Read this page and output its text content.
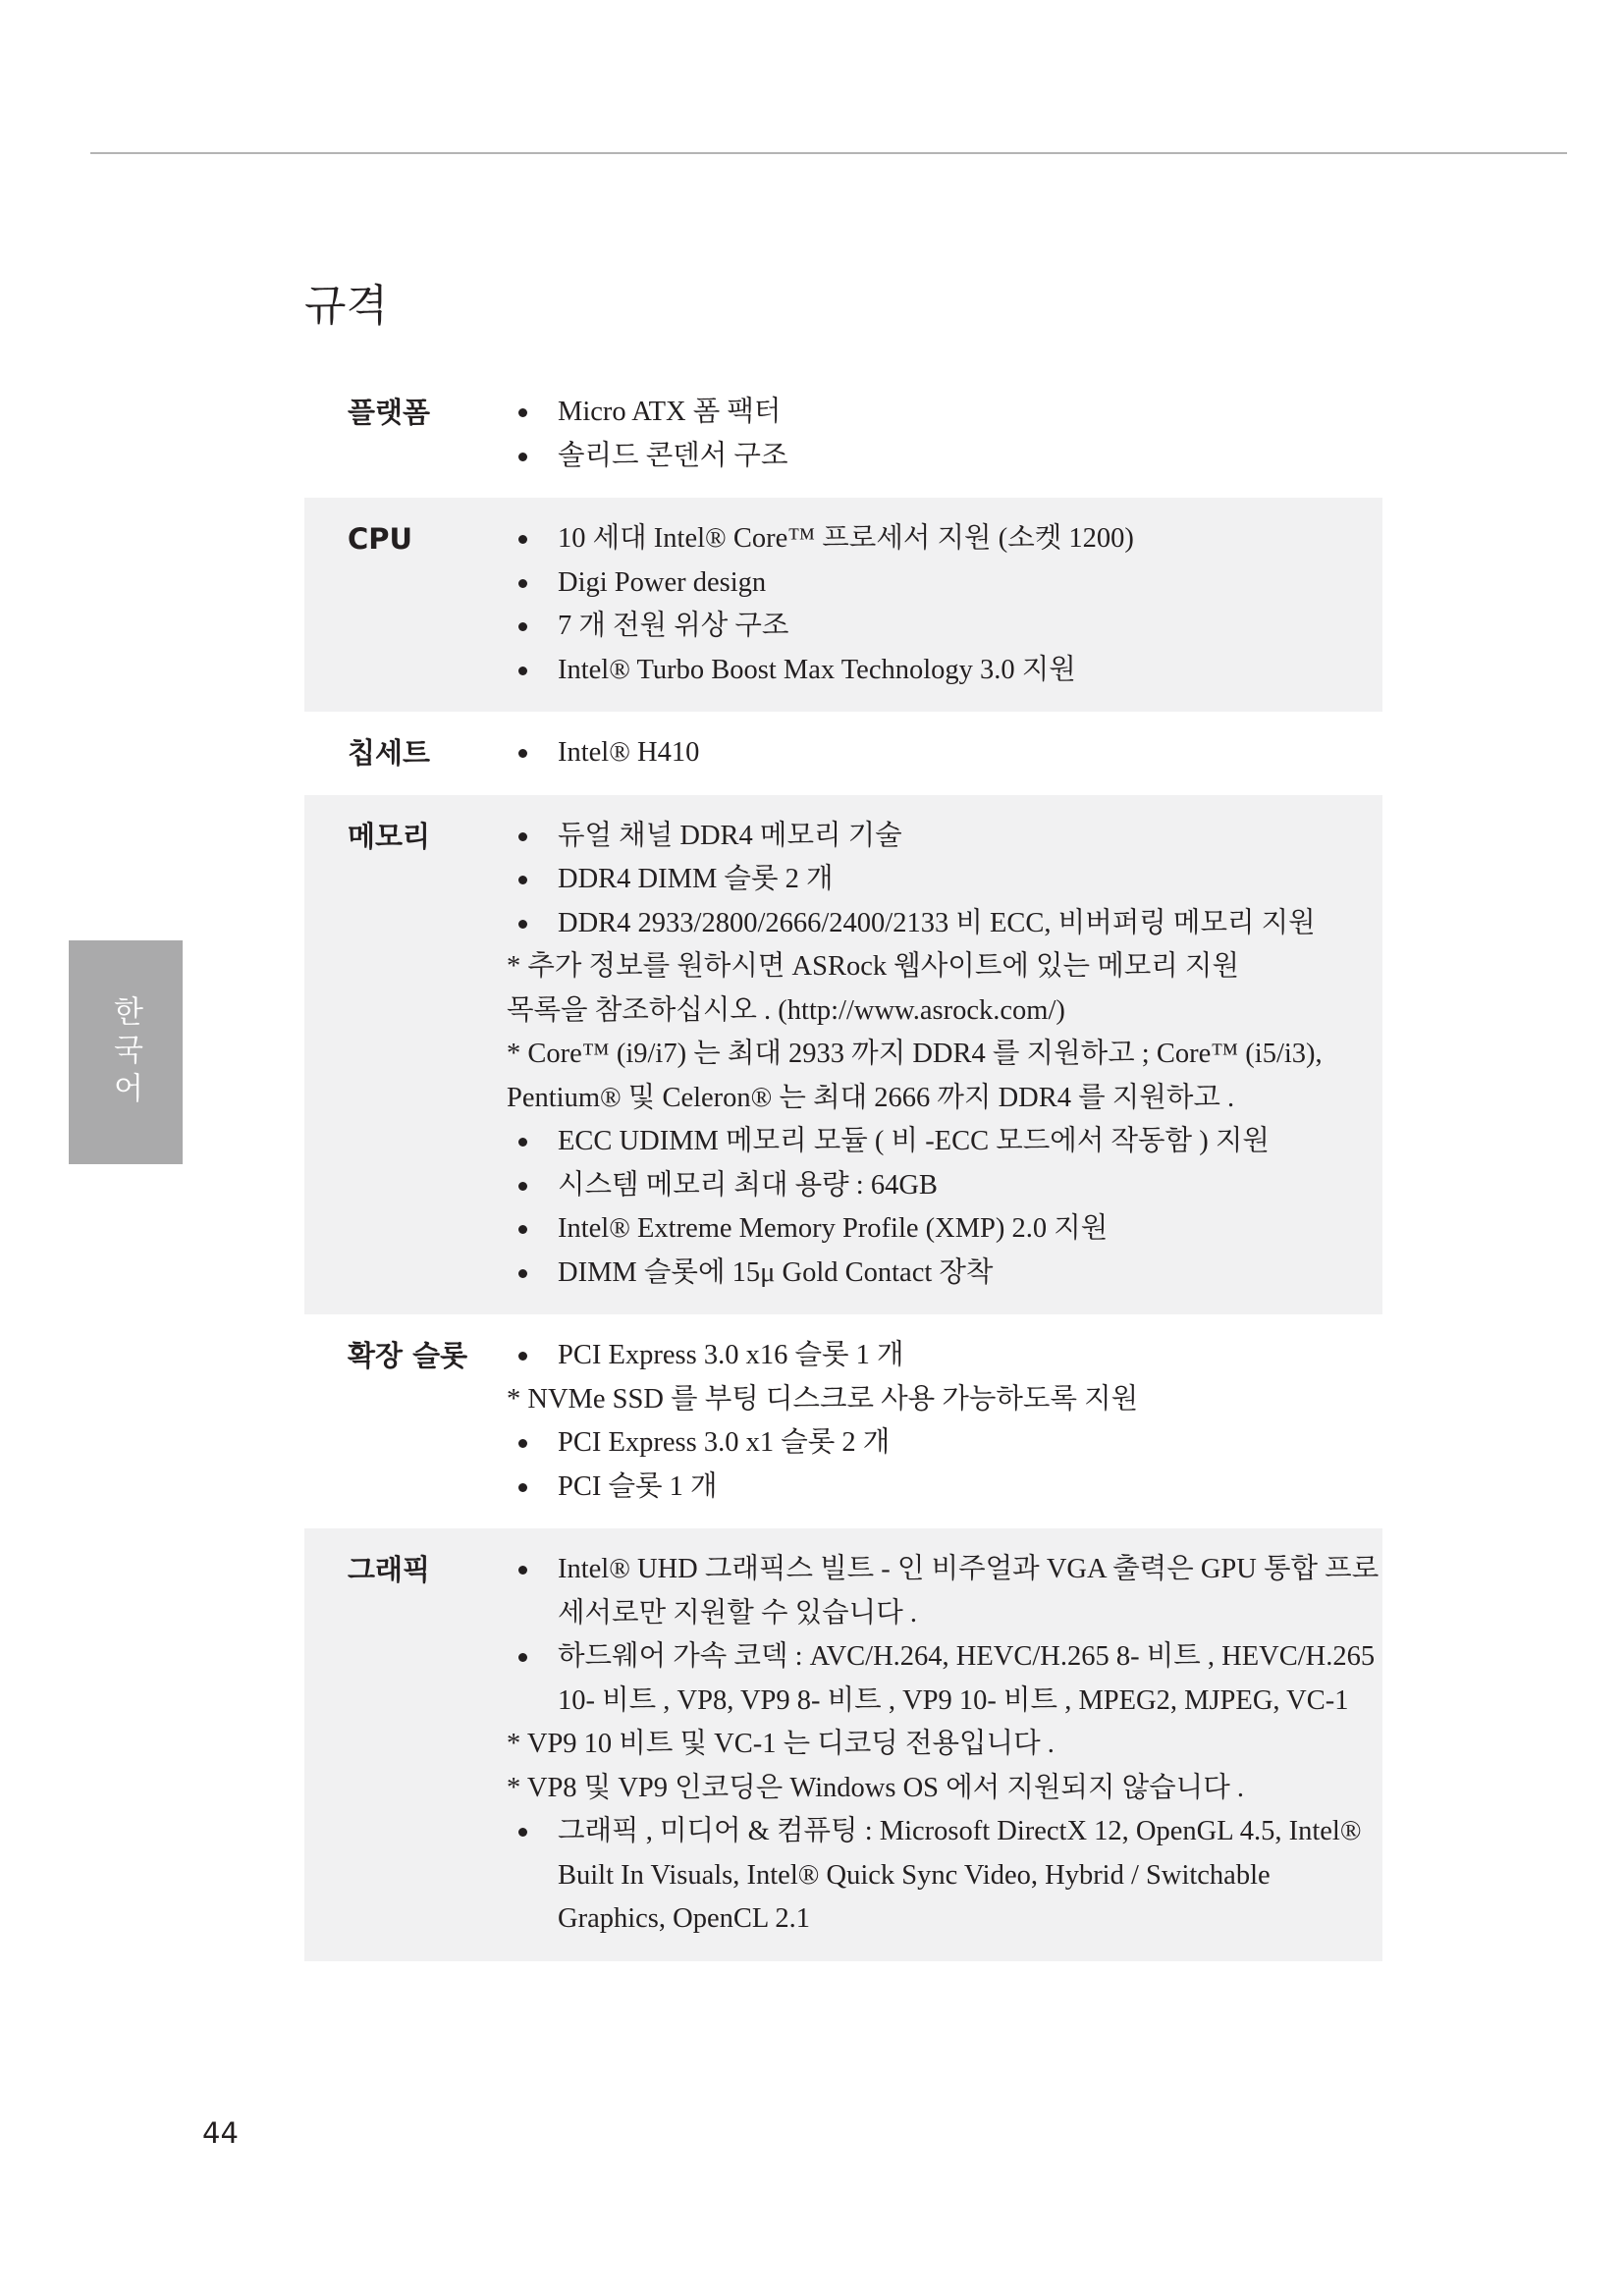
규격
한국어
플랫폼	Micro ATX 폼 팩터
솔리드 콘덴서 구조
CPU	10 세대 Intel® Core™ 프로세서 지원 (소켓 1200)
Digi Power design
7 개 전원 위상 구조
Intel® Turbo Boost Max Technology 3.0 지원
칩세트	Intel® H410
메모리	듀얼 채널 DDR4 메모리 기술
DDR4 DIMM 슬롯 2 개
DDR4 2933/2800/2666/2400/2133 비 ECC, 비버퍼링 메모리 지원
* 추가 정보를 원하시면 ASRock 웹사이트에 있는 메모리 지원
목록을 참조하십시오 . (http://www.asrock.com/)
* Core™ (i9/i7) 는 최대 2933 까지 DDR4 를 지원하고 ; Core™ (i5/i3),
Pentium® 및 Celeron® 는 최대 2666 까지 DDR4 를 지원하고 .
ECC UDIMM 메모리 모듈 ( 비 -ECC 모드에서 작동함 ) 지원
시스템 메모리 최대 용량 : 64GB
Intel® Extreme Memory Profile (XMP) 2.0 지원
DIMM 슬롯에 15μ Gold Contact 장착
확장 슬롯	PCI Express 3.0 x16 슬롯 1 개
* NVMe SSD 를 부팅 디스크로 사용 가능하도록 지원
PCI Express 3.0 x1 슬롯 2 개
PCI 슬롯 1 개
그래픽	Intel® UHD 그래픽스 빌트 - 인 비주얼과 VGA 출력은 GPU 통합 프로세서로만 지원할 수 있습니다 .
하드웨어 가속 코덱 : AVC/H.264, HEVC/H.265 8- 비트 , HEVC/H.265 10- 비트 , VP8, VP9 8- 비트 , VP9 10- 비트 , MPEG2, MJPEG, VC-1
* VP9 10 비트 및 VC-1 는 디코딩 전용입니다 .
* VP8 및 VP9 인코딩은 Windows OS 에서 지원되지 않습니다 .
그래픽 , 미디어 & 컴퓨팅 : Microsoft DirectX 12, OpenGL 4.5, Intel® Built In Visuals, Intel® Quick Sync Video, Hybrid / Switchable Graphics, OpenCL 2.1
44
